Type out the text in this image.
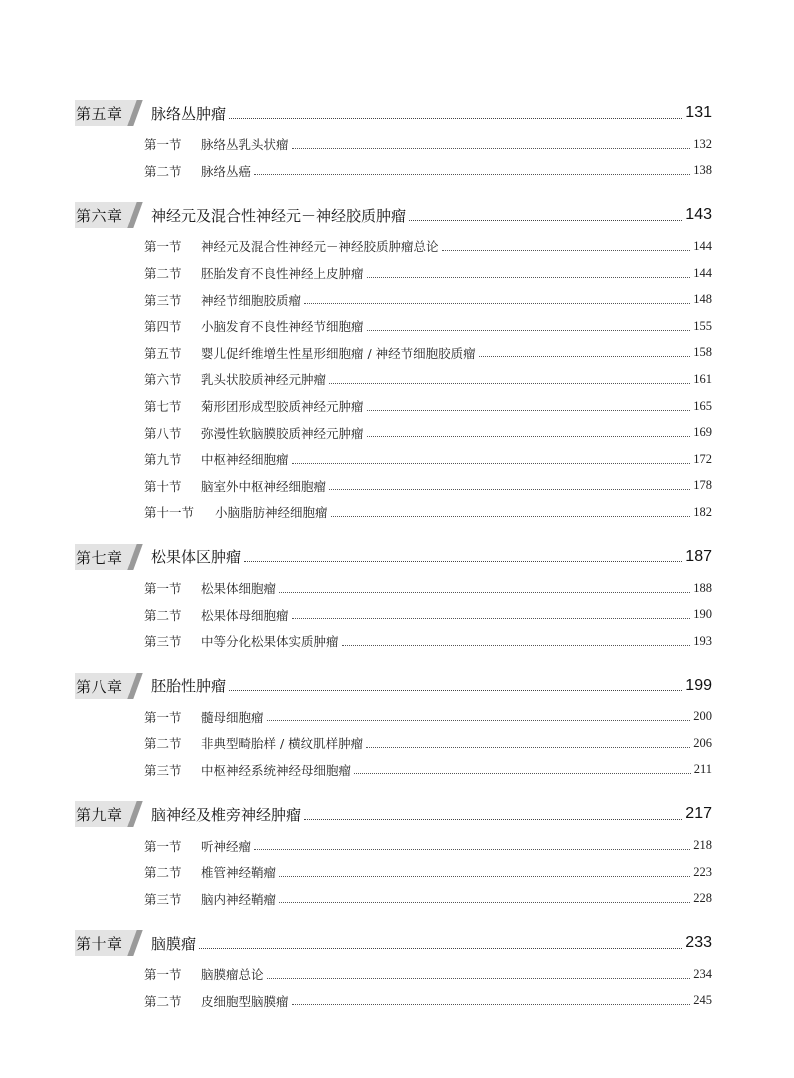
第五章 脉络丛肿瘤	131
第一节	脉络丛乳头状瘤	132
第二节	脉络丛癌	138
第六章 神经元及混合性神经元－神经胶质肿瘤	143
第一节	神经元及混合性神经元－神经胶质肿瘤总论	144
第二节	胚胎发育不良性神经上皮肿瘤	144
第三节	神经节细胞胶质瘤	148
第四节	小脑发育不良性神经节细胞瘤	155
第五节	婴儿促纤维增生性星形细胞瘤 / 神经节细胞胶质瘤	158
第六节	乳头状胶质神经元肿瘤	161
第七节	菊形团形成型胶质神经元肿瘤	165
第八节	弥漫性软脑膜胶质神经元肿瘤	169
第九节	中枢神经细胞瘤	172
第十节	脑室外中枢神经细胞瘤	178
第十一节	小脑脂肪神经细胞瘤	182
第七章 松果体区肿瘤	187
第一节	松果体细胞瘤	188
第二节	松果体母细胞瘤	190
第三节	中等分化松果体实质肿瘤	193
第八章 胚胎性肿瘤	199
第一节	髓母细胞瘤	200
第二节	非典型畸胎样 / 横纹肌样肿瘤	206
第三节	中枢神经系统神经母细胞瘤	211
第九章 脑神经及椎旁神经肿瘤	217
第一节	听神经瘤	218
第二节	椎管神经鞘瘤	223
第三节	脑内神经鞘瘤	228
第十章 脑膜瘤	233
第一节	脑膜瘤总论	234
第二节	皮细胞型脑膜瘤	245
